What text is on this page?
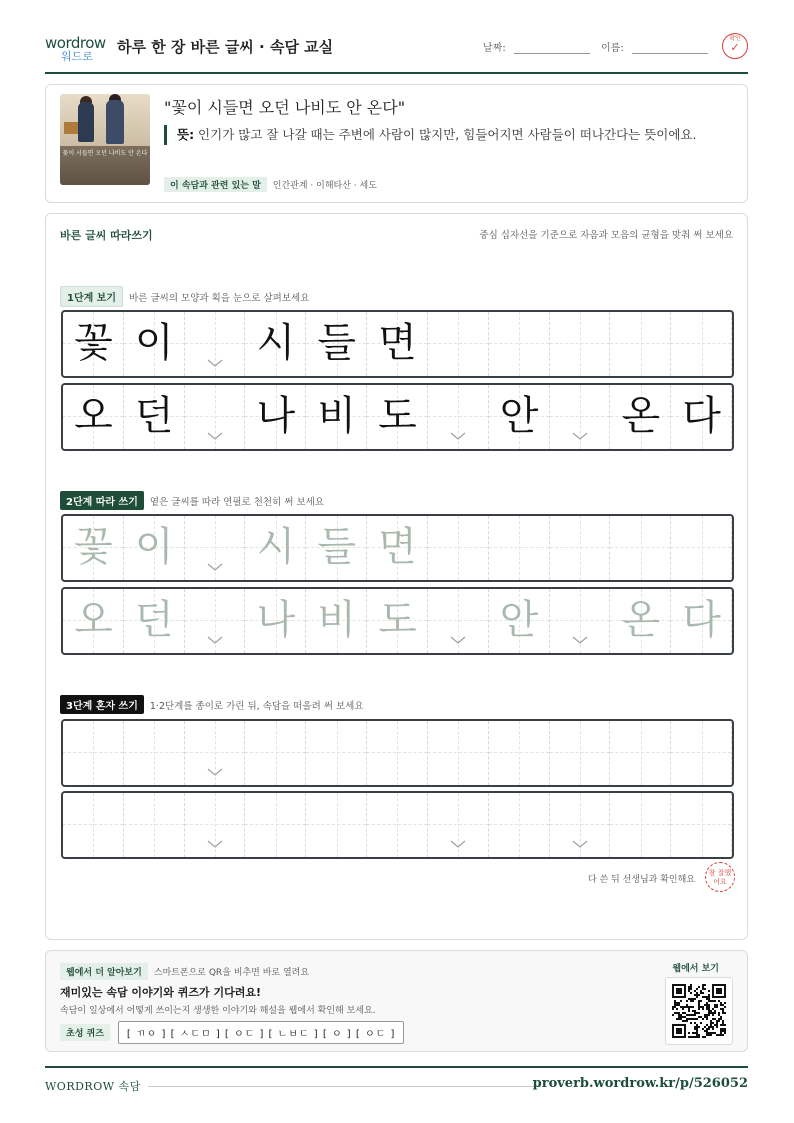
wordrow
워드로
하루 한 장 바른 글씨 · 속담 교실	날짜:	이름:
확인
✓
꽃이 시들면 오던 나비도 안 온다
"꽃이 시들면 오던 나비도 안 온다"
뜻: 인기가 많고 잘 나갈 때는 주변에 사람이 많지만, 힘들어지면 사람들이 떠나간다는 뜻이에요.
이 속담과 관련 있는 말 인간관계 · 이해타산 · 세도
바른 글씨 따라쓰기	중심 십자선을 기준으로 자음과 모음의 균형을 맞춰 써 보세요
1단계 보기 바른 글씨의 모양과 획을 눈으로 살펴보세요
꽃 이 시 들 면
오 던 나 비 도 안 온 다
2단계 따라 쓰기 옅은 글씨를 따라 연필로 천천히 써 보세요
꽃 이 시 들 면
오 던 나 비 도 안 온 다
3단계 혼자 쓰기 1·2단계를 종이로 가린 뒤, 속담을 떠올려 써 보세요
다 쓴 뒤 선생님과 확인해요
참 잘했어요
웹에서 더 알아보기 스마트폰으로 QR을 비추면 바로 열려요
재미있는 속담 이야기와 퀴즈가 기다려요!
속담이 일상에서 어떻게 쓰이는지 생생한 이야기와 해설을 웹에서 확인해 보세요.
초성 퀴즈 [ ㄲㅇ ] [ ㅅㄷㅁ ] [ ㅇㄷ ] [ ㄴㅂㄷ ] [ ㅇ ] [ ㅇㄷ ]
웹에서 보기
WORDROW 속담	proverb.wordrow.kr/p/526052
